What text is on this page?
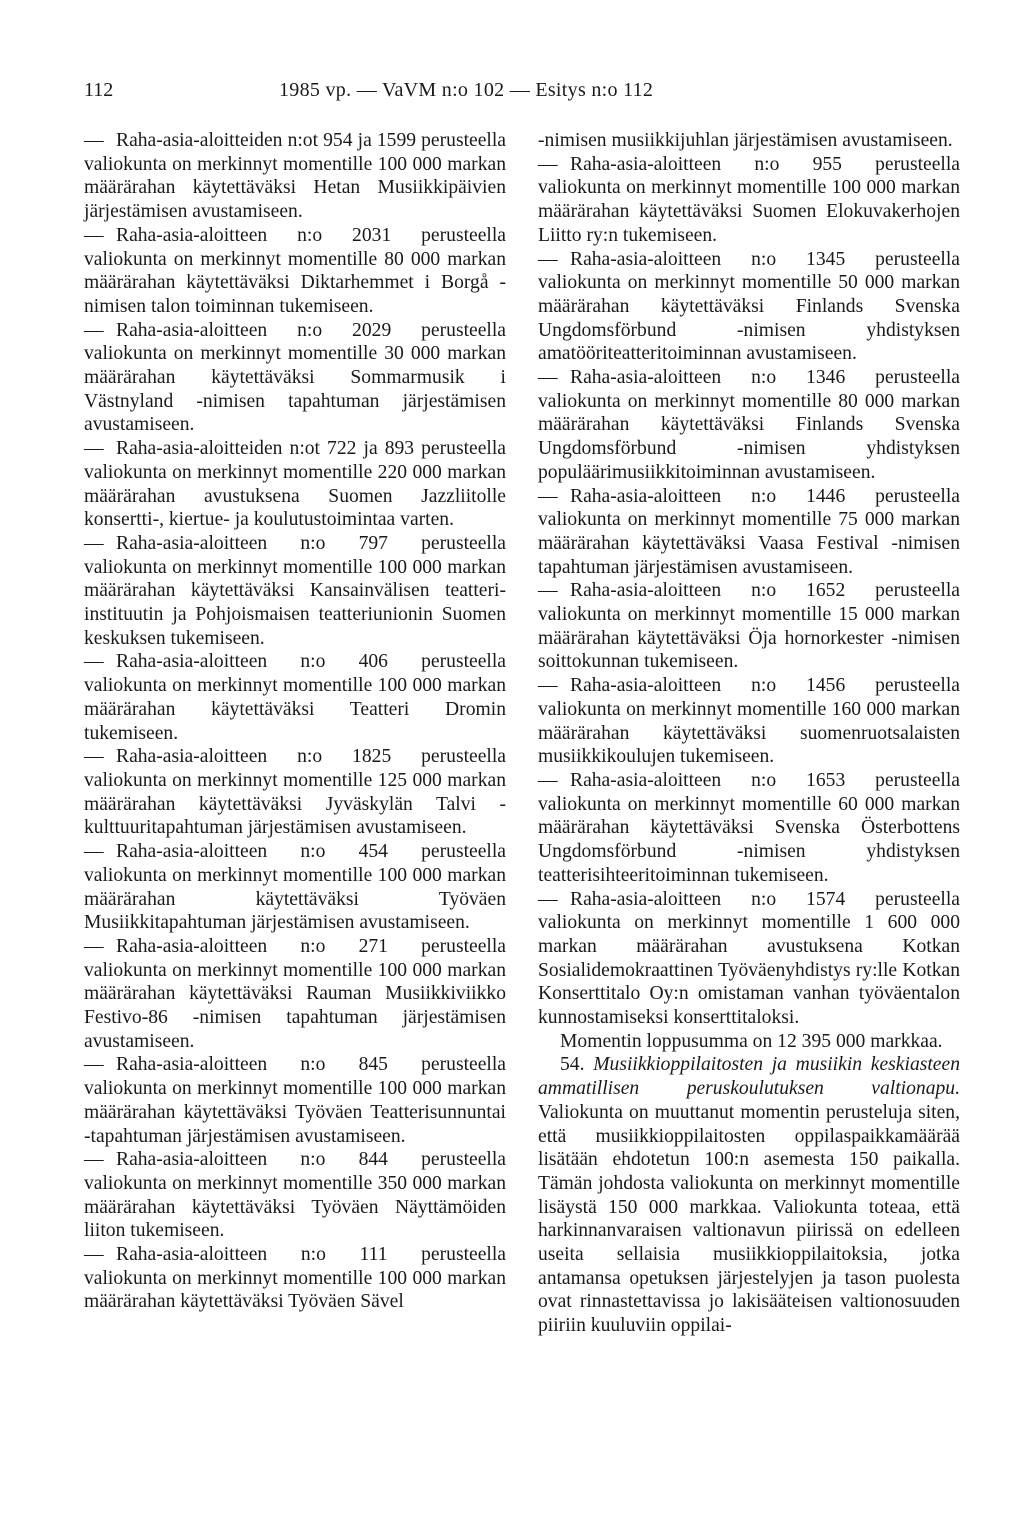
112	1985 vp. — VaVM n:o 102 — Esitys n:o 112

— Raha-asia-aloitteiden n:ot 954 ja 1599 perusteella valiokunta on merkinnyt momentille 100 000 markan määrärahan käytettäväksi Hetan Musiikkipäivien järjestämisen avustamiseen.

— Raha-asia-aloitteen n:o 2031 perusteella valiokunta on merkinnyt momentille 80 000 markan määrärahan käytettäväksi Diktarhemmet i Borgå -nimisen talon toiminnan tukemiseen.

— Raha-asia-aloitteen n:o 2029 perusteella valiokunta on merkinnyt momentille 30 000 markan määrärahan käytettäväksi Sommarmusik i Västnyland -nimisen tapahtuman järjestämisen avustamiseen.

— Raha-asia-aloitteiden n:ot 722 ja 893 perusteella valiokunta on merkinnyt momentille 220 000 markan määrärahan avustuksena Suomen Jazzliitolle konsertti-, kiertue- ja koulutustoimintaa varten.

— Raha-asia-aloitteen n:o 797 perusteella valiokunta on merkinnyt momentille 100 000 markan määrärahan käytettäväksi Kansainvälisen teatteri-instituutin ja Pohjoismaisen teatteriunionin Suomen keskuksen tukemiseen.

— Raha-asia-aloitteen n:o 406 perusteella valiokunta on merkinnyt momentille 100 000 markan määrärahan käytettäväksi Teatteri Dromin tukemiseen.

— Raha-asia-aloitteen n:o 1825 perusteella valiokunta on merkinnyt momentille 125 000 markan määrärahan käytettäväksi Jyväskylän Talvi -kulttuuritapahtuman järjestämisen avustamiseen.

— Raha-asia-aloitteen n:o 454 perusteella valiokunta on merkinnyt momentille 100 000 markan määrärahan käytettäväksi Työväen Musiikkitapahtuman järjestämisen avustamiseen.

— Raha-asia-aloitteen n:o 271 perusteella valiokunta on merkinnyt momentille 100 000 markan määrärahan käytettäväksi Rauman Musiikkiviikko Festivo-86 -nimisen tapahtuman järjestämisen avustamiseen.

— Raha-asia-aloitteen n:o 845 perusteella valiokunta on merkinnyt momentille 100 000 markan määrärahan käytettäväksi Työväen Teatterisunnuntai -tapahtuman järjestämisen avustamiseen.

— Raha-asia-aloitteen n:o 844 perusteella valiokunta on merkinnyt momentille 350 000 markan määrärahan käytettäväksi Työväen Näyttämöiden liiton tukemiseen.

— Raha-asia-aloitteen n:o 111 perusteella valiokunta on merkinnyt momentille 100 000 markan määrärahan käytettäväksi Työväen Sävel

-nimisen musiikkijuhlan järjestämisen avustamiseen.

— Raha-asia-aloitteen n:o 955 perusteella valiokunta on merkinnyt momentille 100 000 markan määrärahan käytettäväksi Suomen Elokuvakerhojen Liitto ry:n tukemiseen.

— Raha-asia-aloitteen n:o 1345 perusteella valiokunta on merkinnyt momentille 50 000 markan määrärahan käytettäväksi Finlands Svenska Ungdomsförbund -nimisen yhdistyksen amatööriteatteritoiminnan avustamiseen.

— Raha-asia-aloitteen n:o 1346 perusteella valiokunta on merkinnyt momentille 80 000 markan määrärahan käytettäväksi Finlands Svenska Ungdomsförbund -nimisen yhdistyksen populäärimusiikkitoiminnan avustamiseen.

— Raha-asia-aloitteen n:o 1446 perusteella valiokunta on merkinnyt momentille 75 000 markan määrärahan käytettäväksi Vaasa Festival -nimisen tapahtuman järjestämisen avustamiseen.

— Raha-asia-aloitteen n:o 1652 perusteella valiokunta on merkinnyt momentille 15 000 markan määrärahan käytettäväksi Öja hornorkester -nimisen soittokunnan tukemiseen.

— Raha-asia-aloitteen n:o 1456 perusteella valiokunta on merkinnyt momentille 160 000 markan määrärahan käytettäväksi suomenruotsalaisten musiikkikoulujen tukemiseen.

— Raha-asia-aloitteen n:o 1653 perusteella valiokunta on merkinnyt momentille 60 000 markan määrärahan käytettäväksi Svenska Österbottens Ungdomsförbund -nimisen yhdistyksen teatterisihteeritoiminnan tukemiseen.

— Raha-asia-aloitteen n:o 1574 perusteella valiokunta on merkinnyt momentille 1 600 000 markan määrärahan avustuksena Kotkan Sosialidemokraattinen Työväenyhdistys ry:lle Kotkan Konserttitalo Oy:n omistaman vanhan työväentalon kunnostamiseksi konserttitaloksi.

Momentin loppusumma on 12 395 000 markkaa.

54. Musiikkioppilaitosten ja musiikin keskiasteen ammatillisen peruskoulutuksen valtionapu. Valiokunta on muuttanut momentin perusteluja siten, että musiikkioppilaitosten oppilaspaikkamäärää lisätään ehdotetun 100:n asemesta 150 paikalla. Tämän johdosta valiokunta on merkinnyt momentille lisäystä 150 000 markkaa. Valiokunta toteaa, että harkinnanvaraisen valtionavun piirissä on edelleen useita sellaisia musiikkioppilaitoksia, jotka antamansa opetuksen järjestelyjen ja tason puolesta ovat rinnastettavissa jo lakisääteisen valtionosuuden piiriin kuuluviin oppilai-
